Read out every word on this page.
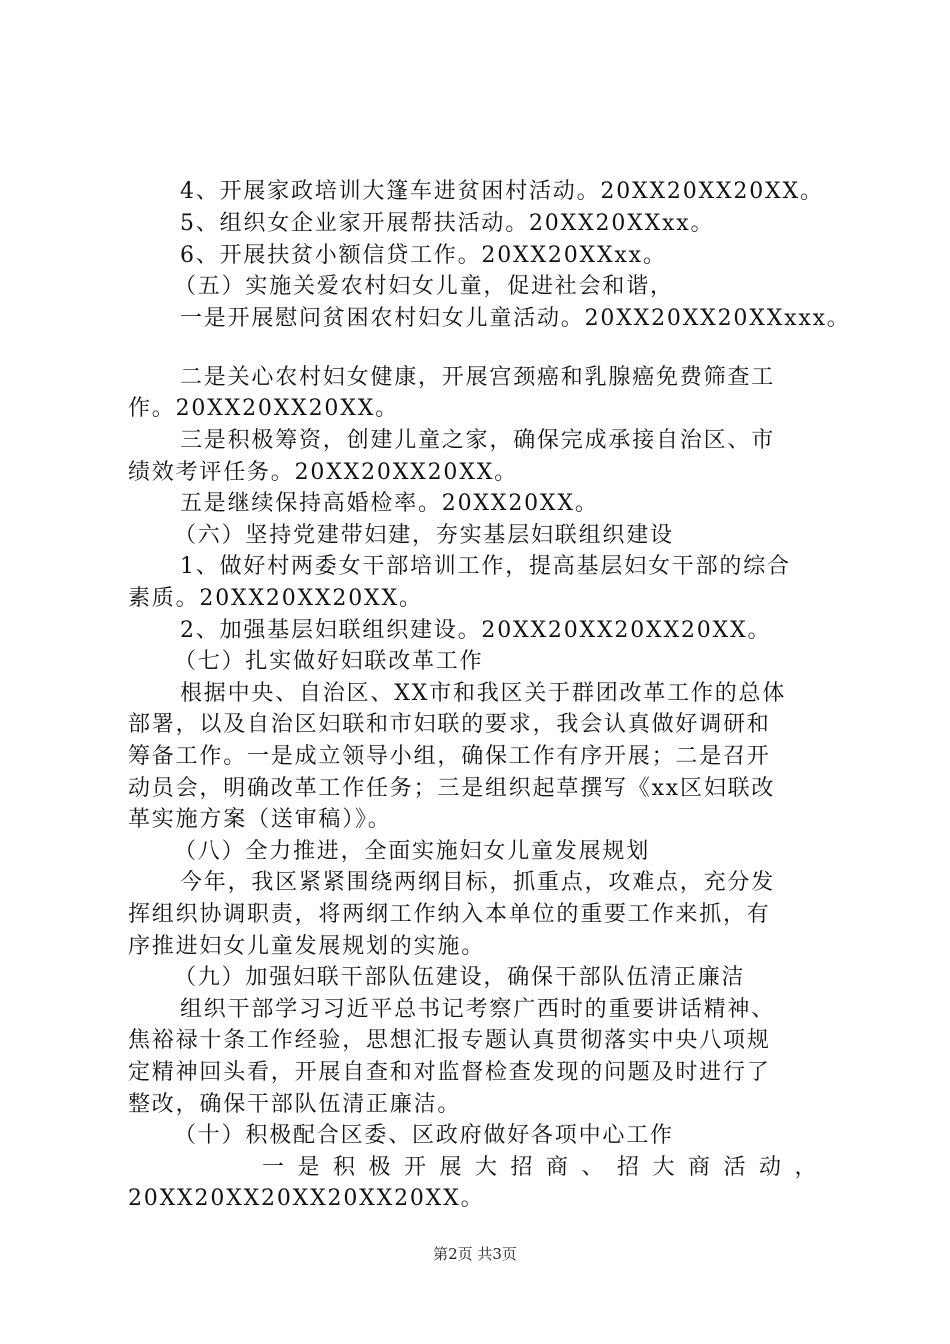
4、开展家政培训大篷车进贫困村活动。20XX20XX20XX。
5、组织女企业家开展帮扶活动。20XX20XXxx。
6、开展扶贫小额信贷工作。20XX20XXxx。
（五）实施关爱农村妇女儿童，促进社会和谐，
一是开展慰问贫困农村妇女儿童活动。20XX20XX20XXxxx。
二是关心农村妇女健康，开展宫颈癌和乳腺癌免费筛查工
作。20XX20XX20XX。
三是积极筹资，创建儿童之家，确保完成承接自治区、市
绩效考评任务。20XX20XX20XX。
五是继续保持高婚检率。20XX20XX。
（六）坚持党建带妇建，夯实基层妇联组织建设
1、做好村两委女干部培训工作，提高基层妇女干部的综合
素质。20XX20XX20XX。
2、加强基层妇联组织建设。20XX20XX20XX20XX。
（七）扎实做好妇联改革工作
根据中央、自治区、XX市和我区关于群团改革工作的总体
部署，以及自治区妇联和市妇联的要求，我会认真做好调研和
筹备工作。一是成立领导小组，确保工作有序开展；二是召开
动员会，明确改革工作任务；三是组织起草撰写《xx区妇联改
革实施方案（送审稿）》。
（八）全力推进，全面实施妇女儿童发展规划
今年，我区紧紧围绕两纲目标，抓重点，攻难点，充分发
挥组织协调职责，将两纲工作纳入本单位的重要工作来抓，有
序推进妇女儿童发展规划的实施。
（九）加强妇联干部队伍建设，确保干部队伍清正廉洁
组织干部学习习近平总书记考察广西时的重要讲话精神、
焦裕禄十条工作经验，思想汇报专题认真贯彻落实中央八项规
定精神回头看，开展自查和对监督检查发现的问题及时进行了
整改，确保干部队伍清正廉洁。
（十）积极配合区委、区政府做好各项中心工作
一是积极开展大招商、招大商活动，
20XX20XX20XX20XX20XX。
第2页 共3页
